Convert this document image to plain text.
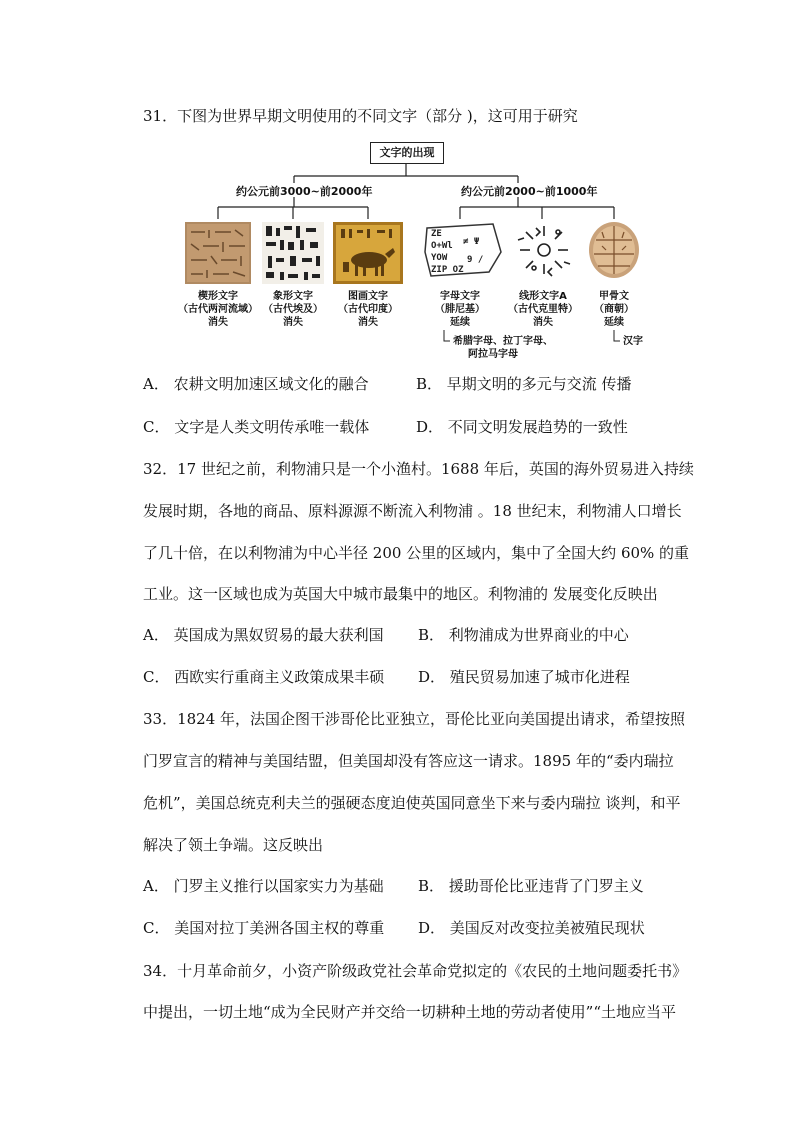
31．下图为世界早期文明使用的不同文字（部分 )，这可用于研究
文字的出现
约公元前3000~前2000年	约公元前2000~前1000年
ZE
O+Wl
YOW
ZIP OZ
≠ Ψ
9 /
楔形文字
（古代两河流域）
消失
象形文字
（古代埃及）
消失
图画文字
（古代印度）
消失
字母文字
（腓尼基）
延续
线形文字A
（古代克里特）
消失
甲骨文
（商朝）
延续
希腊字母、拉丁字母、
阿拉马字母
汉字
A． 农耕文明加速区域文化的融合	B． 早期文明的多元与交流 传播
C． 文字是人类文明传承唯一载体	D． 不同文明发展趋势的一致性
32．17 世纪之前，利物浦只是一个小渔村。1688 年后，英国的海外贸易进入持续
发展时期，各地的商品、原料源源不断流入利物浦 。18 世纪末，利物浦人口增长
了几十倍，在以利物浦为中心半径 200 公里的区域内，集中了全国大约 60% 的重
工业。这一区域也成为英国大中城市最集中的地区。利物浦的 发展变化反映出
A． 英国成为黑奴贸易的最大获利国 B． 利物浦成为世界商业的中心
C． 西欧实行重商主义政策成果丰硕 D． 殖民贸易加速了城市化进程
33．1824 年，法国企图干涉哥伦比亚独立，哥伦比亚向美国提出请求，希望按照
门罗宣言的精神与美国结盟，但美国却没有答应这一请求。1895 年的“委内瑞拉
危机”，美国总统克利夫兰的强硬态度迫使英国同意坐下来与委内瑞拉 谈判，和平
解决了领土争端。这反映出
A． 门罗主义推行以国家实力为基础 B． 援助哥伦比亚违背了门罗主义
C． 美国对拉丁美洲各国主权的尊重 D． 美国反对改变拉美被殖民现状
34．十月革命前夕，小资产阶级政党社会革命党拟定的《农民的土地问题委托书》
中提出，一切土地“成为全民财产并交给一切耕种土地的劳动者使用”“土地应当平
